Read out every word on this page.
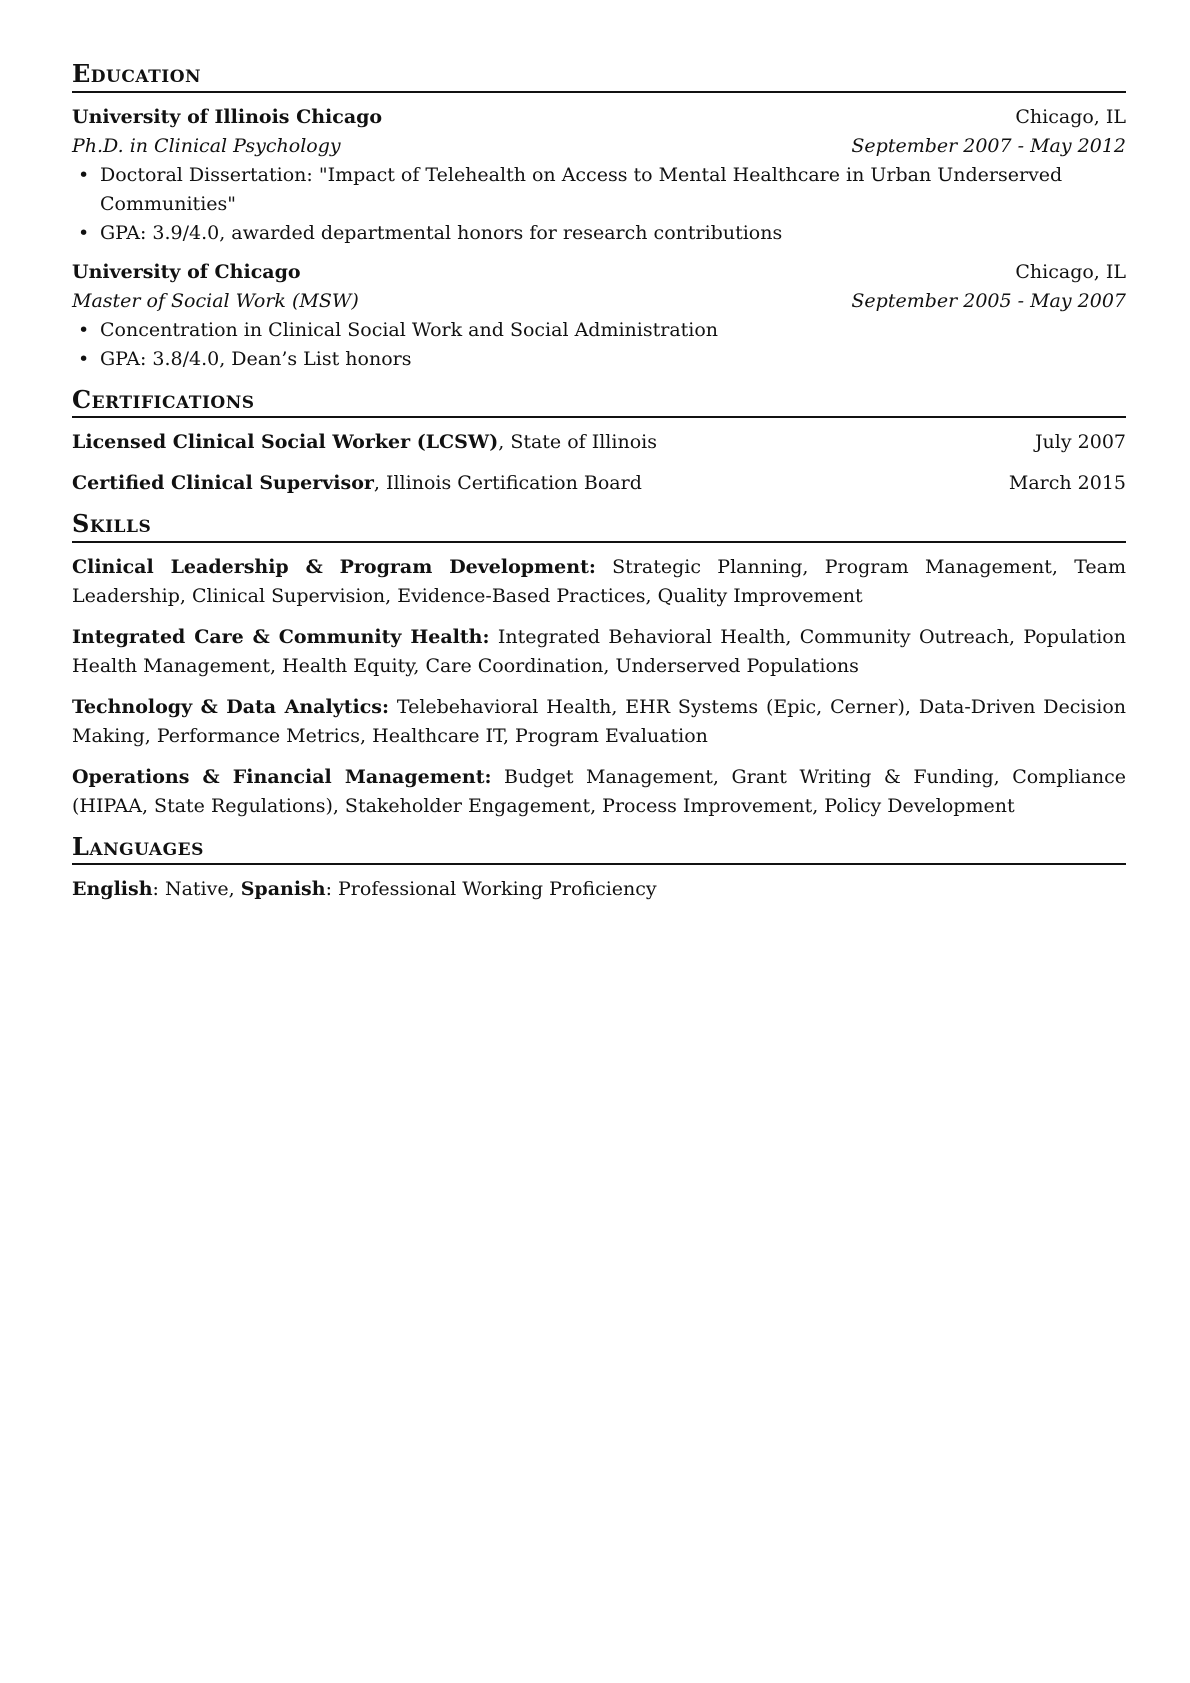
Education
University of Illinois Chicago	Chicago, IL
Ph.D. in Clinical Psychology	September 2007 - May 2012
• Doctoral Dissertation: "Impact of Telehealth on Access to Mental Healthcare in Urban Underserved Communities"
• GPA: 3.9/4.0, awarded departmental honors for research contributions
University of Chicago	Chicago, IL
Master of Social Work (MSW)	September 2005 - May 2007
• Concentration in Clinical Social Work and Social Administration
• GPA: 3.8/4.0, Dean’s List honors
Certifications
Licensed Clinical Social Worker (LCSW), State of Illinois	July 2007
Certified Clinical Supervisor, Illinois Certification Board	March 2015
Skills
Clinical Leadership & Program Development: Strategic Planning, Program Management, Team Leadership, Clinical Supervision, Evidence-Based Practices, Quality Improvement
Integrated Care & Community Health: Integrated Behavioral Health, Community Outreach, Population Health Management, Health Equity, Care Coordination, Underserved Populations
Technology & Data Analytics: Telebehavioral Health, EHR Systems (Epic, Cerner), Data-Driven Decision Making, Performance Metrics, Healthcare IT, Program Evaluation
Operations & Financial Management: Budget Management, Grant Writing & Funding, Compliance (HIPAA, State Regulations), Stakeholder Engagement, Process Improvement, Policy Development
Languages
English: Native, Spanish: Professional Working Proficiency
